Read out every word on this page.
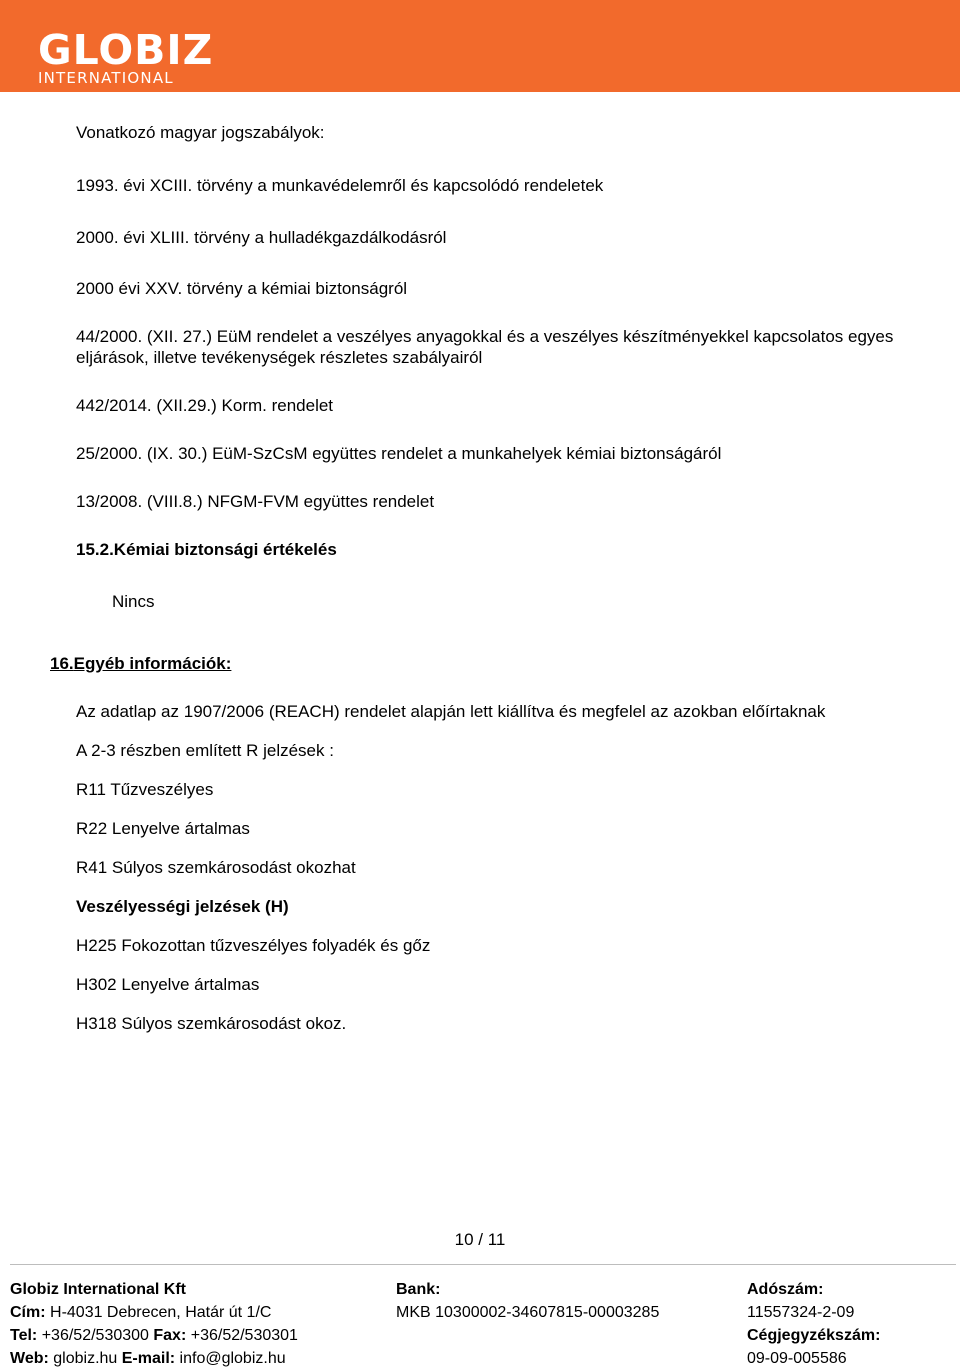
GLOBIZ
INTERNATIONAL
Vonatkozó magyar jogszabályok:
1993. évi XCIII. törvény a munkavédelemről és kapcsolódó rendeletek
2000. évi XLIII. törvény a hulladékgazdálkodásról
2000 évi XXV. törvény a kémiai biztonságról
44/2000. (XII. 27.) EüM rendelet a veszélyes anyagokkal és a veszélyes készítményekkel kapcsolatos egyes
eljárások, illetve tevékenységek részletes szabályairól
442/2014. (XII.29.) Korm. rendelet
25/2000. (IX. 30.) EüM-SzCsM együttes rendelet a munkahelyek kémiai biztonságáról
13/2008. (VIII.8.) NFGM-FVM együttes rendelet
15.2.Kémiai biztonsági értékelés
Nincs
16.Egyéb információk:
Az adatlap az 1907/2006 (REACH) rendelet alapján lett kiállítva és megfelel az azokban előírtaknak
A 2-3 részben említett R jelzések :
R11 Tűzveszélyes
R22 Lenyelve ártalmas
R41 Súlyos szemkárosodást okozhat
Veszélyességi jelzések (H)
H225 Fokozottan tűzveszélyes folyadék és gőz
H302 Lenyelve ártalmas
H318 Súlyos szemkárosodást okoz.
10 / 11
Globiz International Kft
Cím: H-4031 Debrecen, Határ út 1/C
Tel: +36/52/530300 Fax: +36/52/530301
Web: globiz.hu E-mail: info@globiz.hu
Bank:
MKB 10300002-34607815-00003285
Adószám:
11557324-2-09
Cégjegyzékszám:
09-09-005586
